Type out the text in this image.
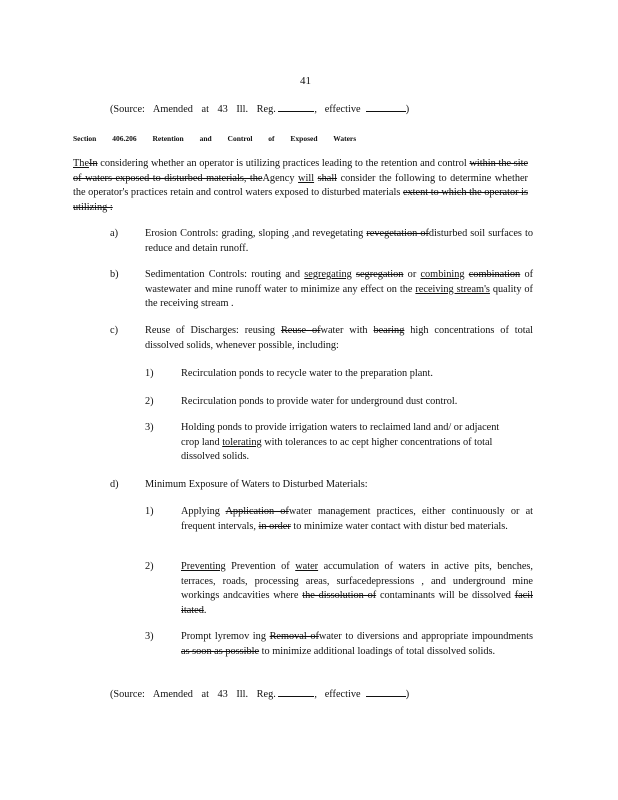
41
(Source: Amended at 43 Ill. Reg.	, effective	)
Section 406.206 Retention and Control of Exposed Waters
TheIn considering whether an operator is utilizing practices leading to the retention and control within the site of waters exposed to disturbed materials, theAgency will shall consider the following to determine whether the operator's practices retain and control waters exposed to disturbed materials extent to which the operator is utilizing :
a)	Erosion Controls: grading, sloping ,and revegetating revegetation ofdisturbed soil surfaces to reduce and detain runoff.
b)	Sedimentation Controls: routing and segregating segregation or combining combination of wastewater and mine runoff water to minimize any effect on the receiving stream's quality of the receiving stream .
c)	Reuse of Discharges: reusing Reuse ofwater with bearing high concentrations of total dissolved solids, whenever possible, including:
1)	Recirculation ponds to recycle water to the preparation plant.
2)	Recirculation ponds to provide water for underground dust control.
3)	Holding ponds to provide irrigation waters to reclaimed land and/ or adjacent crop land tolerating with tolerances to ac cept higher concentrations of total dissolved solids.
d)	Minimum Exposure of Waters to Disturbed Materials:
1)	Applying Application ofwater management practices, either continuously or at frequent intervals, in order to minimize water contact with distur bed materials.
2)	Preventing Prevention of water accumulation of waters in active pits, benches, terraces, roads, processing areas, surfacedepressions , and underground mine workings andcavities where the dissolution of contaminants will be dissolved facil itated.
3)	Prompt lyremov ing Removal ofwater to diversions and appropriate impoundments as soon as possible to minimize additional loadings of total dissolved solids.
(Source: Amended at 43 Ill. Reg.	, effective	)
